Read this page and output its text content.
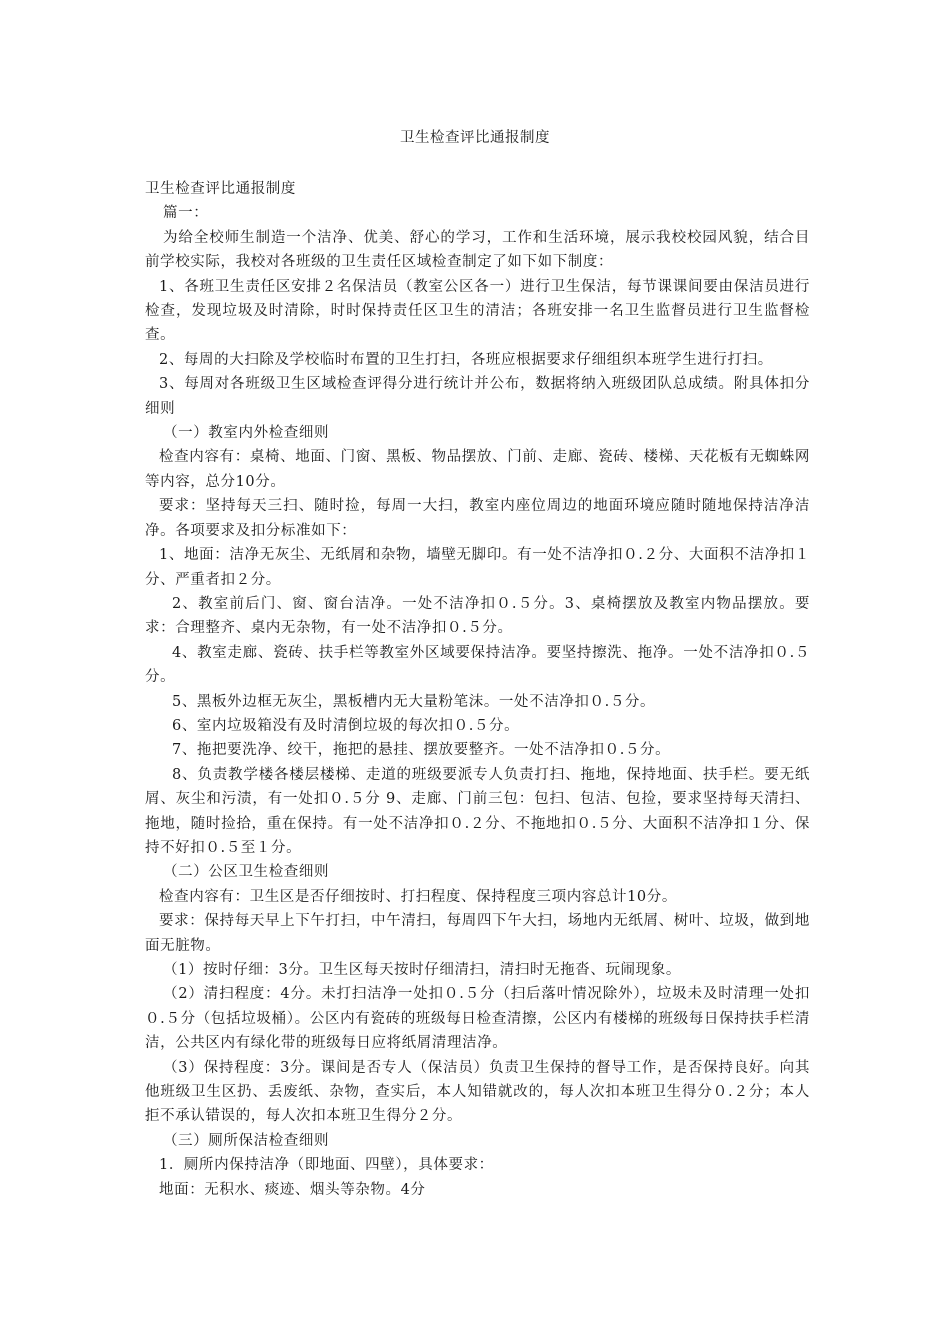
卫生检查评比通报制度

卫生检查评比通报制度

篇一：

为给全校师生制造一个洁净、优美、舒心的学习，工作和生活环境，展示我校校园风貌，结合目前学校实际，我校对各班级的卫生责任区域检查制定了如下如下制度：

1、各班卫生责任区安排２名保洁员（教室公区各一）进行卫生保洁，每节课课间要由保洁员进行检查，发现垃圾及时清除，时时保持责任区卫生的清洁；各班安排一名卫生监督员进行卫生监督检查。

2、每周的大扫除及学校临时布置的卫生打扫，各班应根据要求仔细组织本班学生进行打扫。

3、每周对各班级卫生区域检查评得分进行统计并公布，数据将纳入班级团队总成绩。附具体扣分细则

（一）教室内外检查细则

检查内容有：桌椅、地面、门窗、黑板、物品摆放、门前、走廊、瓷砖、楼梯、天花板有无蜘蛛网等内容，总分10分。

要求：坚持每天三扫、随时捡，每周一大扫，教室内座位周边的地面环境应随时随地保持洁净洁净。各项要求及扣分标准如下：

1、地面：洁净无灰尘、无纸屑和杂物，墙壁无脚印。有一处不洁净扣０.２分、大面积不洁净扣１分、严重者扣２分。

2、教室前后门、窗、窗台洁净。一处不洁净扣０.５分。3、桌椅摆放及教室内物品摆放。要求：合理整齐、桌内无杂物，有一处不洁净扣０.５分。

4、教室走廊、瓷砖、扶手栏等教室外区域要保持洁净。要坚持擦洗、拖净。一处不洁净扣０.５分。

5、黑板外边框无灰尘，黑板槽内无大量粉笔沫。一处不洁净扣０.５分。

6、室内垃圾箱没有及时清倒垃圾的每次扣０.５分。

7、拖把要洗净、绞干，拖把的悬挂、摆放要整齐。一处不洁净扣０.５分。

8、负责教学楼各楼层楼梯、走道的班级要派专人负责打扫、拖地，保持地面、扶手栏。要无纸屑、灰尘和污渍，有一处扣０.５分 9、走廊、门前三包：包扫、包洁、包捡，要求坚持每天清扫、拖地，随时捡拾，重在保持。有一处不洁净扣０.２分、不拖地扣０.５分、大面积不洁净扣１分、保持不好扣０.５至１分。

（二）公区卫生检查细则

检查内容有：卫生区是否仔细按时、打扫程度、保持程度三项内容总计10分。

要求：保持每天早上下午打扫，中午清扫，每周四下午大扫，场地内无纸屑、树叶、垃圾，做到地面无脏物。

（1）按时仔细：3分。卫生区每天按时仔细清扫，清扫时无拖沓、玩闹现象。

（2）清扫程度：4分。未打扫洁净一处扣０.５分（扫后落叶情况除外），垃圾未及时清理一处扣０.５分（包括垃圾桶）。公区内有瓷砖的班级每日检查清擦，公区内有楼梯的班级每日保持扶手栏清洁，公共区内有绿化带的班级每日应将纸屑清理洁净。

（3）保持程度：3分。课间是否专人（保洁员）负责卫生保持的督导工作，是否保持良好。向其他班级卫生区扔、丢废纸、杂物，查实后，本人知错就改的，每人次扣本班卫生得分０.２分；本人拒不承认错误的，每人次扣本班卫生得分２分。

（三）厕所保洁检查细则

1．厕所内保持洁净（即地面、四壁），具体要求：

地面：无积水、痰迹、烟头等杂物。4分
